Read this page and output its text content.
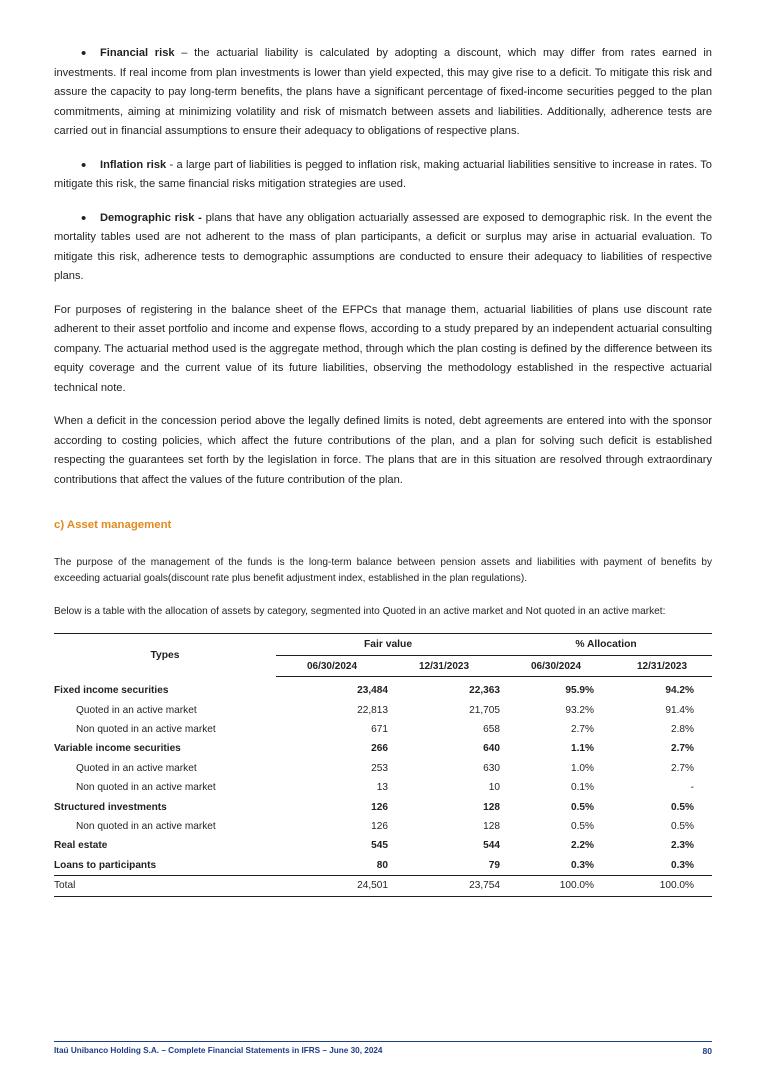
• Financial risk – the actuarial liability is calculated by adopting a discount, which may differ from rates earned in investments. If real income from plan investments is lower than yield expected, this may give rise to a deficit. To mitigate this risk and assure the capacity to pay long-term benefits, the plans have a significant percentage of fixed-income securities pegged to the plan commitments, aiming at minimizing volatility and risk of mismatch between assets and liabilities. Additionally, adherence tests are carried out in financial assumptions to ensure their adequacy to obligations of respective plans.
• Inflation risk - a large part of liabilities is pegged to inflation risk, making actuarial liabilities sensitive to increase in rates. To mitigate this risk, the same financial risks mitigation strategies are used.
• Demographic risk - plans that have any obligation actuarially assessed are exposed to demographic risk. In the event the mortality tables used are not adherent to the mass of plan participants, a deficit or surplus may arise in actuarial evaluation. To mitigate this risk, adherence tests to demographic assumptions are conducted to ensure their adequacy to liabilities of respective plans.

For purposes of registering in the balance sheet of the EFPCs that manage them, actuarial liabilities of plans use discount rate adherent to their asset portfolio and income and expense flows, according to a study prepared by an independent actuarial consulting company. The actuarial method used is the aggregate method, through which the plan costing is defined by the difference between its equity coverage and the current value of its future liabilities, observing the methodology established in the respective actuarial technical note.

When a deficit in the concession period above the legally defined limits is noted, debt agreements are entered into with the sponsor according to costing policies, which affect the future contributions of the plan, and a plan for solving such deficit is established respecting the guarantees set forth by the legislation in force. The plans that are in this situation are resolved through extraordinary contributions that affect the values of the future contribution of the plan.

c) Asset management

The purpose of the management of the funds is the long-term balance between pension assets and liabilities with payment of benefits by exceeding actuarial goals(discount rate plus benefit adjustment index, established in the plan regulations).

Below is a table with the allocation of assets by category, segmented into Quoted in an active market and Not quoted in an active market:

Types	Fair value		% Allocation	
	06/30/2024	12/31/2023	06/30/2024	12/31/2023

Fixed income securities	23,484	22,363	95.9%	94.2%
Quoted in an active market	22,813	21,705	93.2%	91.4%
Non quoted in an active market	671	658	2.7%	2.8%
Variable income securities	266	640	1.1%	2.7%
Quoted in an active market	253	630	1.0%	2.7%
Non quoted in an active market	13	10	0.1%	-
Structured investments	126	128	0.5%	0.5%
Non quoted in an active market	126	128	0.5%	0.5%
Real estate	545	544	2.2%	2.3%
Loans to participants	80	79	0.3%	0.3%
Total	24,501	23,754	100.0%	100.0%
Itaú Unibanco Holding S.A. – Complete Financial Statements in IFRS – June 30, 2024	80
